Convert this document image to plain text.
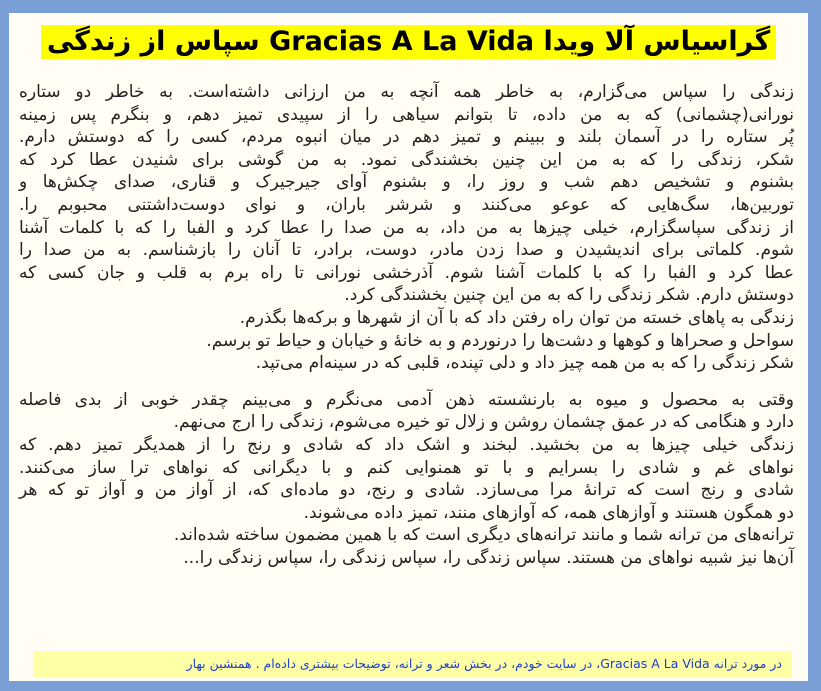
گراسیاس آلا ویدا Gracias A La Vida سپاس از زندگی
زندگی را سپاس می‌گزارم، به خاطر همه آنچه به من ارزانی داشته‌است. به خاطر دو ستاره
نورانی(چشمانی) که به من داده، تا بتوانم سیاهی را از سپیدی تمیز دهم، و بنگرم پس زمینه
پُر ستاره را در آسمان بلند و ببینم و تمیز دهم در میان انبوه مردم، کسی را که دوستش دارم.
شکر، زندگی را که به من این چنین بخشندگی نمود. به من گوشی برای شنیدن عطا کرد که
بشنوم و تشخیص دهم شب و روز را، و بشنوم آوای جیرجیرک و قناری، صدای چکش‌ها و
توربین‌ها، سگ‌هایی که عوعو می‌کنند و شرشر باران، و نوای دوست‌داشتنی محبوبم را.
از زندگی سپاسگزارم، خیلی چیزها به من داد، به من صدا را عطا کرد و الفبا را که با کلمات آشنا
شوم. کلماتی برای اندیشیدن و صدا زدن مادر، دوست، برادر، تا آنان را بازشناسم. به من صدا را
عطا کرد و الفبا را که با کلمات آشنا شوم. آذرخشی نورانی تا راه برم به قلب و جان کسی که
دوستش دارم. شکر زندگی را که به من این چنین بخشندگی کرد.
زندگی به پاهای خسته من توان راه رفتن داد که با آن از شهرها و برکه‌ها بگذرم.
سواحل و صحراها و کوهها و دشت‌ها را درنوردم و به خانهٔ و خیابان و حیاط تو برسم.
شکر زندگی را که به من همه چیز داد و دلی تپنده، قلبی که در سینه‌ام می‌تپد.
وقتی به محصول و میوه به بارنشسته ذهن آدمی می‌نگرم و می‌بینم چقدر خوبی از بدی فاصله
دارد و هنگامی که در عمق چشمان روشن و زلال تو خیره می‌شوم، زندگی را ارج می‌نهم.
زندگی خیلی چیزها به من بخشید. لبخند و اشک داد که شادی و رنج را از همدیگر تمیز دهم. که
نواهای غم و شادی را بسرایم و با تو همنوایی کنم و با دیگرانی که نواهای ترا ساز می‌کنند.
شادی و رنج است که ترانهٔ مرا می‌سازد. شادی و رنج، دو ماده‌ای که، از آواز من و آواز تو که هر
دو همگون هستند و آوازهای همه، که آوازهای منند، تمیز داده می‌شوند.
ترانه‌های من ترانه شما و مانند ترانه‌های دیگری است که با همین مضمون ساخته شده‌اند.
آن‌ها نیز شبیه نواهای من هستند. سپاس زندگی را، سپاس زندگی را، سپاس زندگی را...
در مورد ترانه Gracias A La Vida، در سایت خودم، در بخش شعر و ترانه، توضیحات بیشتری داده‌ام . همنشین بهار
